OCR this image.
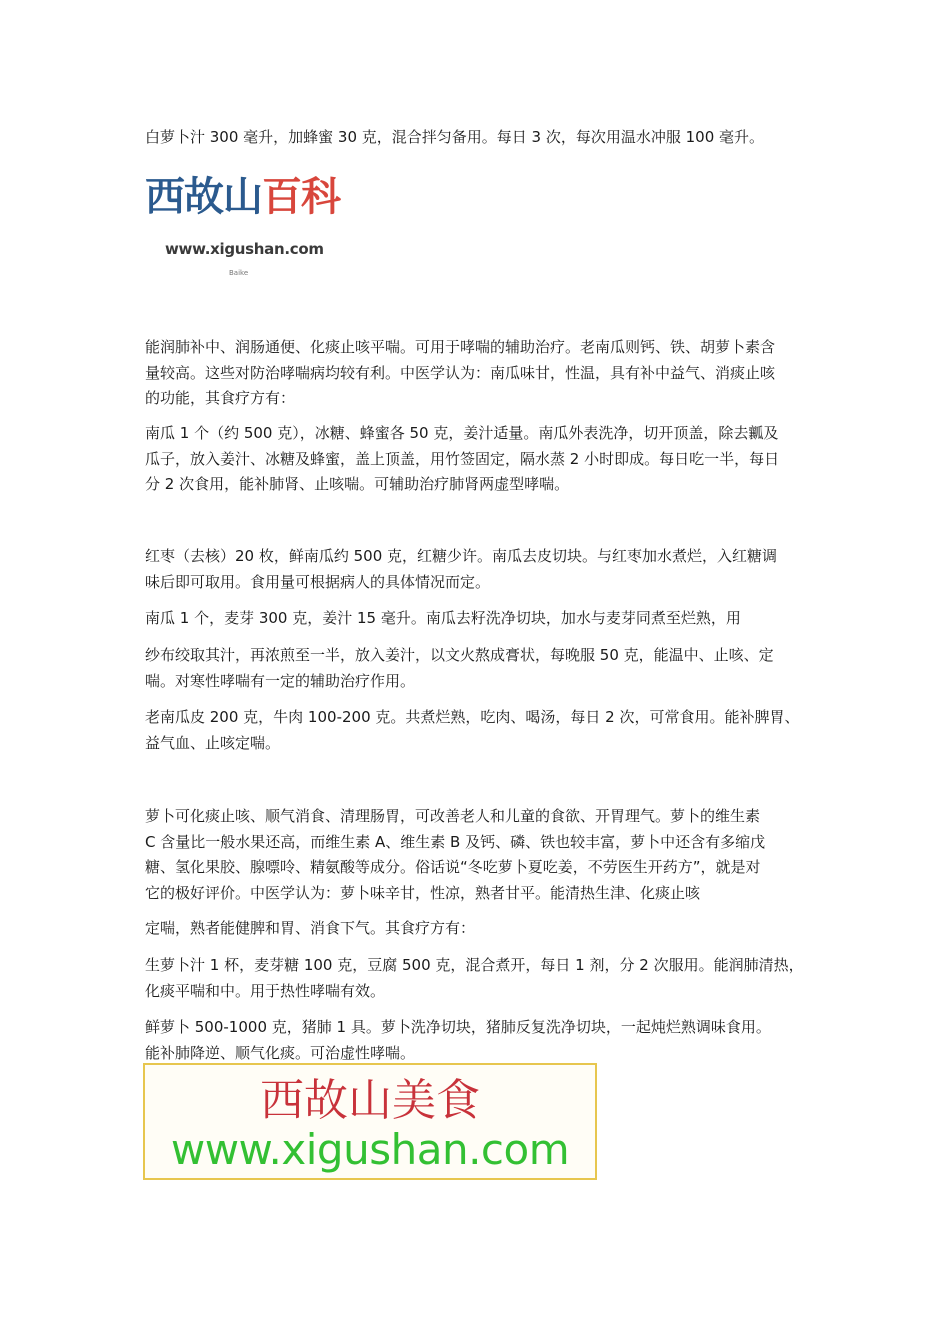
白萝卜汁 300 毫升，加蜂蜜 30 克，混合拌匀备用。每日 3 次，每次用温水冲服 100 毫升。

西故山百科
www.xigushan.com
Baike

能润肺补中、润肠通便、化痰止咳平喘。可用于哮喘的辅助治疗。老南瓜则钙、铁、胡萝卜素含
量较高。这些对防治哮喘病均较有利。中医学认为：南瓜味甘，性温，具有补中益气、消痰止咳
的功能，其食疗方有：

南瓜 1 个（约 500 克），冰糖、蜂蜜各 50 克，姜汁适量。南瓜外表洗净，切开顶盖，除去瓤及
瓜子，放入姜汁、冰糖及蜂蜜，盖上顶盖，用竹签固定，隔水蒸 2 小时即成。每日吃一半，每日
分 2 次食用，能补肺肾、止咳喘。可辅助治疗肺肾两虚型哮喘。

红枣（去核）20 枚，鲜南瓜约 500 克，红糖少许。南瓜去皮切块。与红枣加水煮烂，入红糖调
味后即可取用。食用量可根据病人的具体情况而定。

南瓜 1 个，麦芽 300 克，姜汁 15 毫升。南瓜去籽洗净切块，加水与麦芽同煮至烂熟，用

纱布绞取其汁，再浓煎至一半，放入姜汁，以文火熬成膏状，每晚服 50 克，能温中、止咳、定
喘。对寒性哮喘有一定的辅助治疗作用。

老南瓜皮 200 克，牛肉 100-200 克。共煮烂熟，吃肉、喝汤，每日 2 次，可常食用。能补脾胃、
益气血、止咳定喘。

萝卜可化痰止咳、顺气消食、清理肠胃，可改善老人和儿童的食欲、开胃理气。萝卜的维生素
C 含量比一般水果还高，而维生素 A、维生素 B 及钙、磷、铁也较丰富，萝卜中还含有多缩戊
糖、氢化果胶、腺嘌呤、精氨酸等成分。俗话说“冬吃萝卜夏吃姜，不劳医生开药方”，就是对
它的极好评价。中医学认为：萝卜味辛甘，性凉，熟者甘平。能清热生津、化痰止咳

定喘，熟者能健脾和胃、消食下气。其食疗方有：

生萝卜汁 1 杯，麦芽糖 100 克，豆腐 500 克，混合煮开，每日 1 剂，分 2 次服用。能润肺清热，
化痰平喘和中。用于热性哮喘有效。

鲜萝卜 500-1000 克，猪肺 1 具。萝卜洗净切块，猪肺反复洗净切块，一起炖烂熟调味食用。
能补肺降逆、顺气化痰。可治虚性哮喘。

西故山美食
www.xigushan.com
